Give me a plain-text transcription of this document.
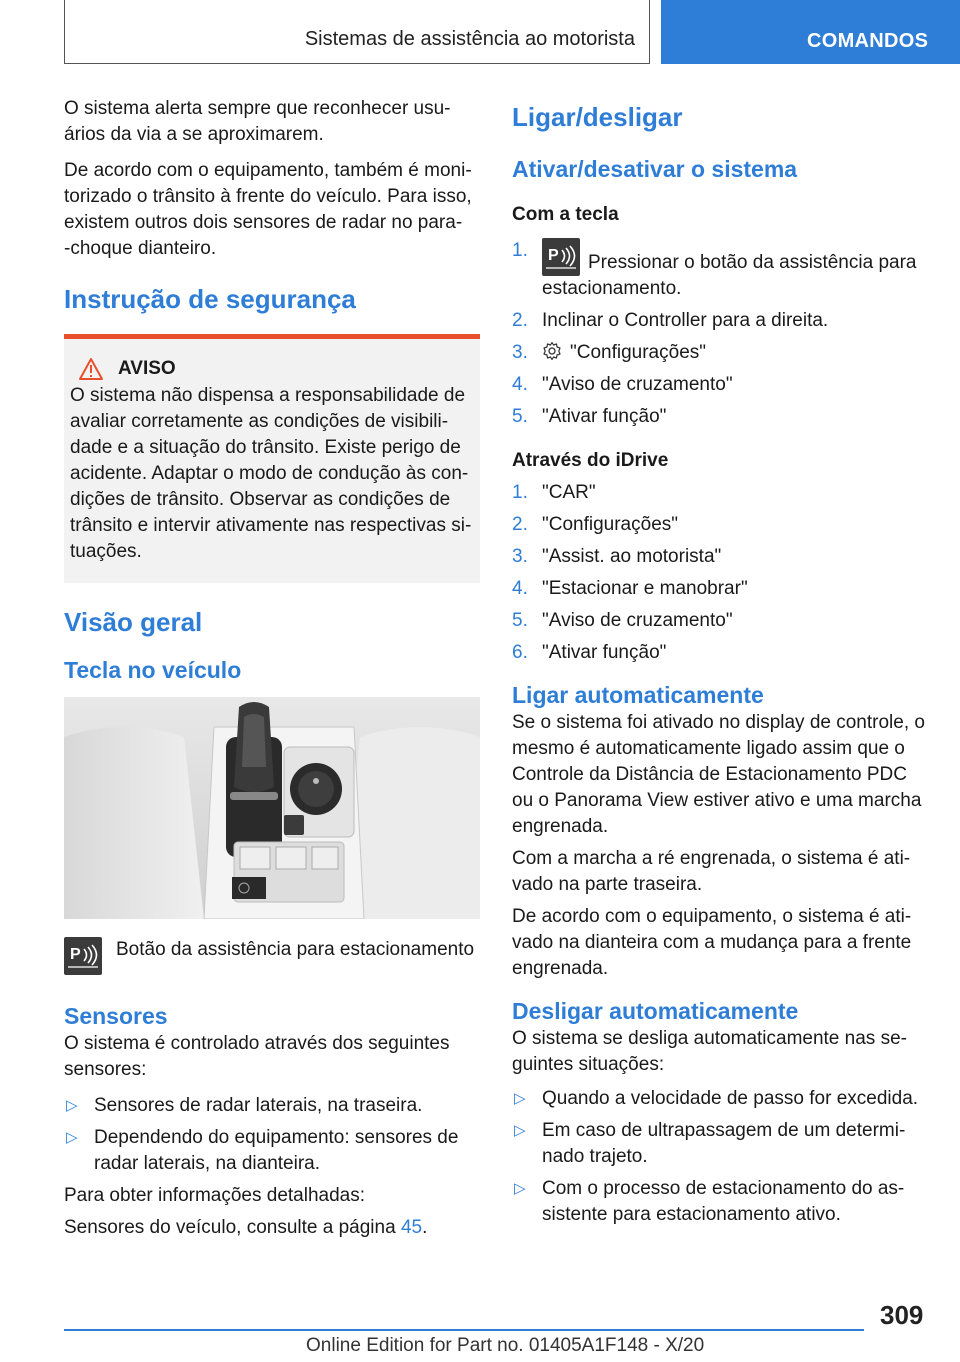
Sistemas de assistência ao motorista	COMANDOS

O sistema alerta sempre que reconhecer usu-
ários da via a se aproximarem.

De acordo com o equipamento, também é moni-
torizado o trânsito à frente do veículo. Para isso,
existem outros dois sensores de radar no para-
-choque dianteiro.

Instrução de segurança
AVISO

O sistema não dispensa a responsabilidade de
avaliar corretamente as condições de visibili-
dade e a situação do trânsito. Existe perigo de
acidente. Adaptar o modo de condução às con-
dições de trânsito. Observar as condições de
trânsito e intervir ativamente nas respectivas si-
tuações.

Visão geral
Tecla no veículo
P Botão da assistência para estacionamento
Sensores

O sistema é controlado através dos seguintes
sensores:

▷ Sensores de radar laterais, na traseira.
▷ Dependendo do equipamento: sensores de
radar laterais, na dianteira.

Para obter informações detalhadas:

Sensores do veículo, consulte a página 45.

Ligar/desligar
Ativar/desativar o sistema
Com a tecla
1. P Pressionar o botão da assistência para
estacionamento.
2. Inclinar o Controller para a direita.
3. "Configurações"
4. "Aviso de cruzamento"
5. "Ativar função"
Através do iDrive
1. "CAR"
2. "Configurações"
3. "Assist. ao motorista"
4. "Estacionar e manobrar"
5. "Aviso de cruzamento"
6. "Ativar função"
Ligar automaticamente

Se o sistema foi ativado no display de controle, o
mesmo é automaticamente ligado assim que o
Controle da Distância de Estacionamento PDC
ou o Panorama View estiver ativo e uma marcha
engrenada.

Com a marcha a ré engrenada, o sistema é ati-
vado na parte traseira.

De acordo com o equipamento, o sistema é ati-
vado na dianteira com a mudança para a frente
engrenada.

Desligar automaticamente

O sistema se desliga automaticamente nas se-
guintes situações:

▷ Quando a velocidade de passo for excedida.
▷ Em caso de ultrapassagem de um determi-
nado trajeto.
▷ Com o processo de estacionamento do as-
sistente para estacionamento ativo.
309
Online Edition for Part no. 01405A1F148 - X/20
